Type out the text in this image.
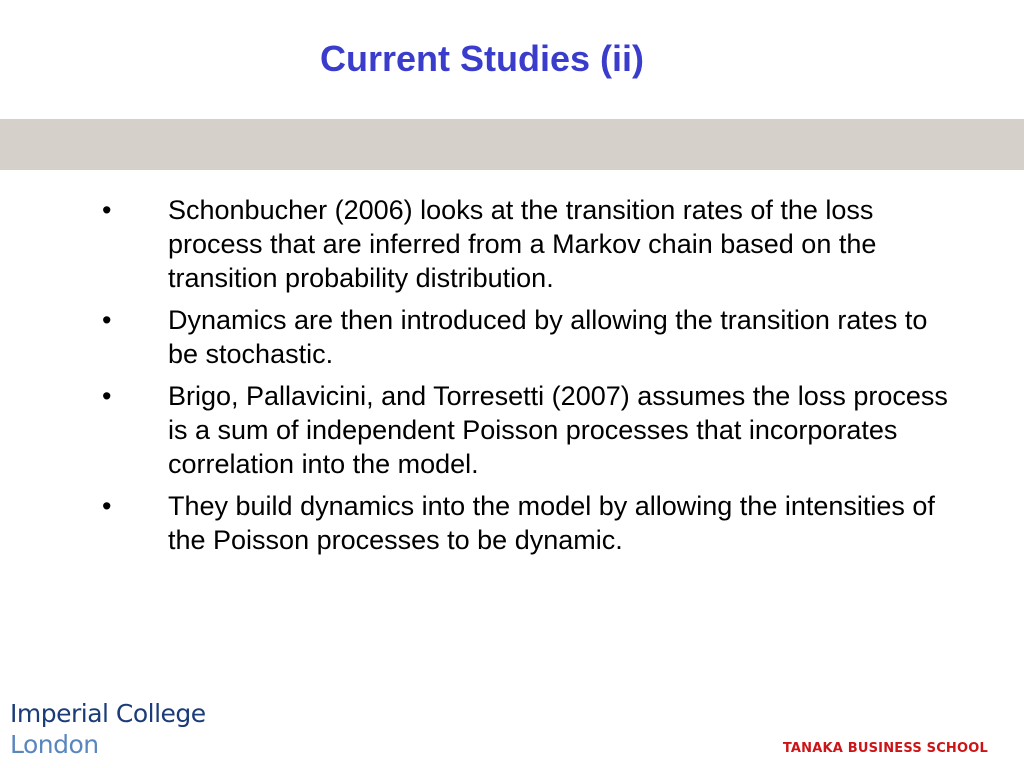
Current Studies (ii)
•	Schonbucher (2006) looks at the transition rates of the loss process that are inferred from a Markov chain based on the transition probability distribution.
•	Dynamics are then introduced by allowing the transition rates to be stochastic.
•	Brigo, Pallavicini, and Torresetti (2007) assumes the loss process is a sum of independent Poisson processes that incorporates correlation into the model.
•	They build dynamics into the model by allowing the intensities of the Poisson processes to be dynamic.
Imperial College
London	TANAKA BUSINESS SCHOOL
